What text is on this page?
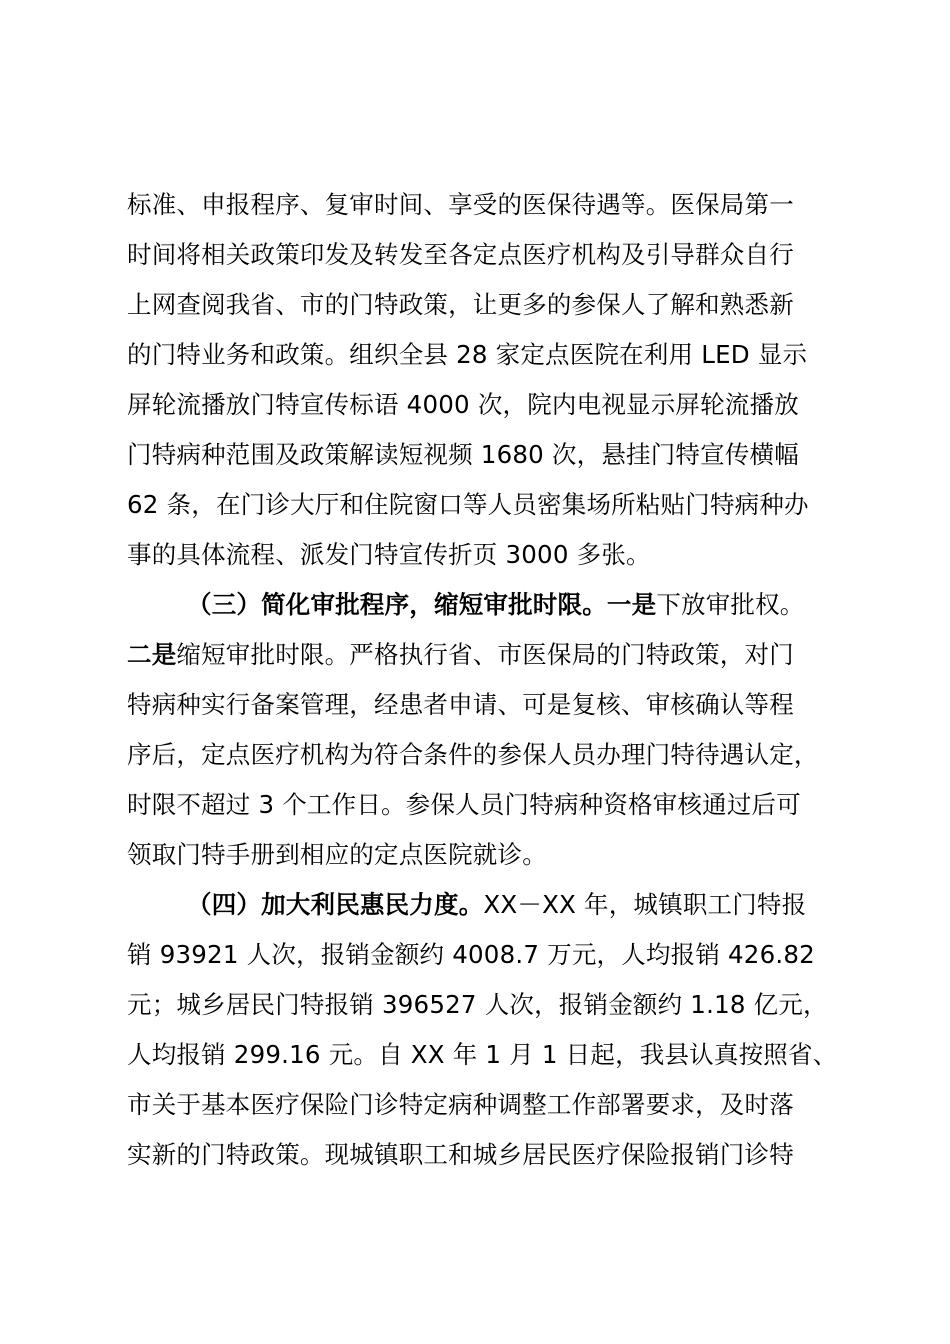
标准、申报程序、复审时间、享受的医保待遇等。医保局第一
时间将相关政策印发及转发至各定点医疗机构及引导群众自行
上网查阅我省、市的门特政策，让更多的参保人了解和熟悉新
的门特业务和政策。组织全县 28 家定点医院在利用 LED 显示
屏轮流播放门特宣传标语 4000 次，院内电视显示屏轮流播放
门特病种范围及政策解读短视频 1680 次，悬挂门特宣传横幅
62 条，在门诊大厅和住院窗口等人员密集场所粘贴门特病种办
事的具体流程、派发门特宣传折页 3000 多张。
（三）简化审批程序，缩短审批时限。一是下放审批权。
二是缩短审批时限。严格执行省、市医保局的门特政策，对门
特病种实行备案管理，经患者申请、可是复核、审核确认等程
序后，定点医疗机构为符合条件的参保人员办理门特待遇认定，
时限不超过 3 个工作日。参保人员门特病种资格审核通过后可
领取门特手册到相应的定点医院就诊。
（四）加大利民惠民力度。XX－XX 年，城镇职工门特报
销 93921 人次，报销金额约 4008.7 万元，人均报销 426.82
元；城乡居民门特报销 396527 人次，报销金额约 1.18 亿元，
人均报销 299.16 元。自 XX 年 1 月 1 日起，我县认真按照省、
市关于基本医疗保险门诊特定病种调整工作部署要求，及时落
实新的门特政策。现城镇职工和城乡居民医疗保险报销门诊特
